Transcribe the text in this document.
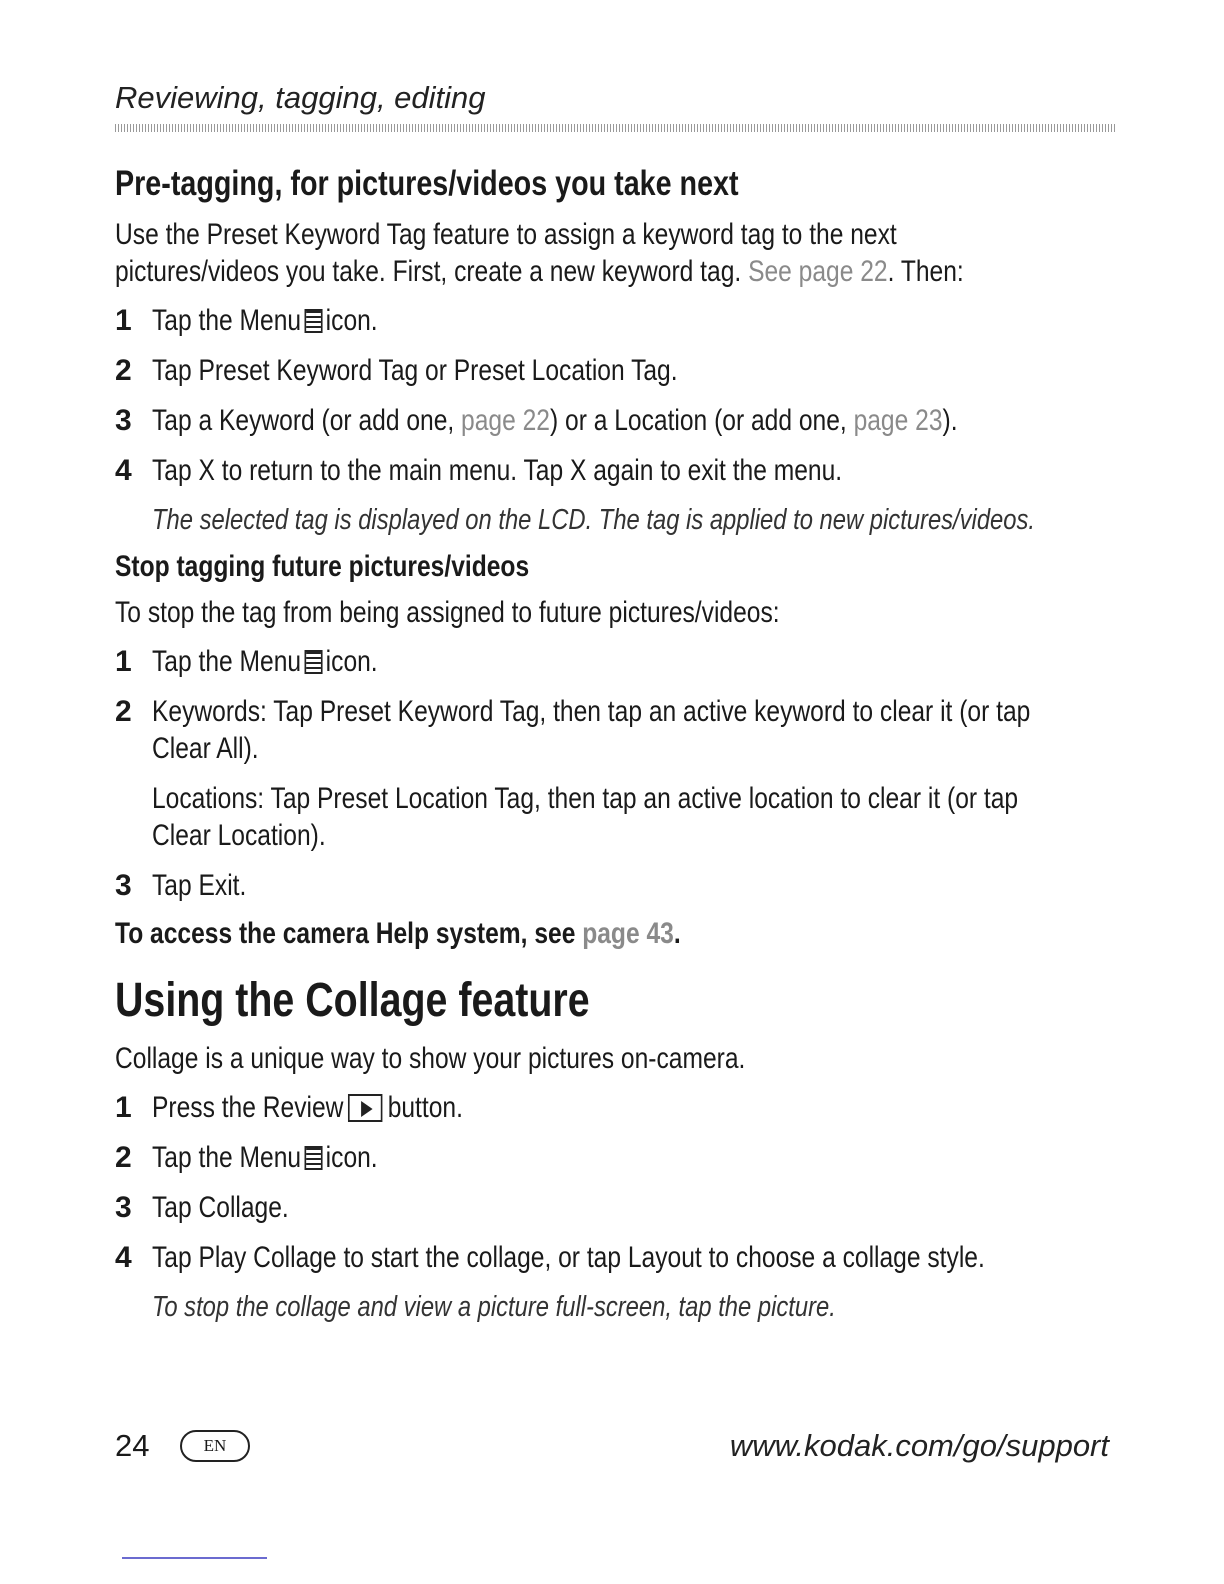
Reviewing, tagging, editing
Pre-tagging, for pictures/videos you take next
Use the Preset Keyword Tag feature to assign a keyword tag to the next
pictures/videos you take. First, create a new keyword tag. See page 22. Then:
1 Tap the Menu icon.
2 Tap Preset Keyword Tag or Preset Location Tag.
3 Tap a Keyword (or add one, page 22) or a Location (or add one, page 23).
4 Tap X to return to the main menu. Tap X again to exit the menu.
The selected tag is displayed on the LCD. The tag is applied to new pictures/videos.
Stop tagging future pictures/videos
To stop the tag from being assigned to future pictures/videos:
1 Tap the Menu icon.
2 Keywords: Tap Preset Keyword Tag, then tap an active keyword to clear it (or tap
Clear All).
Locations: Tap Preset Location Tag, then tap an active location to clear it (or tap
Clear Location).
3 Tap Exit.
To access the camera Help system, see page 43.
Using the Collage feature
Collage is a unique way to show your pictures on-camera.
1 Press the Review button.
2 Tap the Menu icon.
3 Tap Collage.
4 Tap Play Collage to start the collage, or tap Layout to choose a collage style.
To stop the collage and view a picture full-screen, tap the picture.
24	EN	www.kodak.com/go/support
